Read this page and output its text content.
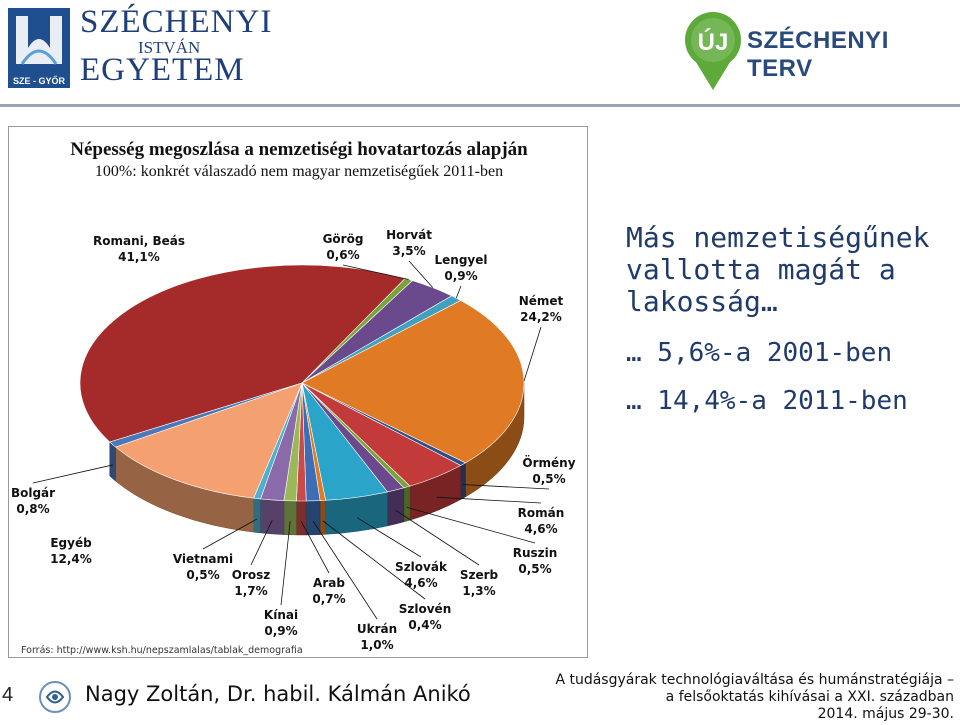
SZE - GYŐR
SZÉCHENYI
ISTVÁN
EGYETEM
ÚJ SZÉCHENYI TERV
Népesség megoszlása a nemzetiségi hovatartozás alapján
100%: konkrét válaszadó nem magyar nemzetiségűek 2011-ben
Romani, Beás
41,1%
Görög
0,6%
Horvát
3,5%
Lengyel
0,9%
Német
24,2%
Örmény
0,5%
Román
4,6%
Ruszin
0,5%
Szerb
1,3%
Szlovák
4,6%
Szlovén
0,4%
Ukrán
1,0%
Arab
0,7%
Kínai
0,9%
Orosz
1,7%
Vietnami
0,5%
Egyéb
12,4%
Bolgár
0,8%
Forrás: http://www.ksh.hu/nepszamlalas/tablak_demografia
Más nemzetiségűnek vallotta magát a lakosság…
… 5,6%-a 2001-ben
… 14,4%-a 2011-ben
4	Nagy Zoltán, Dr. habil. Kálmán Anikó
A tudásgyárak technológiaváltása és humánstratégiája –
a felsőoktatás kihívásai a XXI. században
2014. május 29-30.
